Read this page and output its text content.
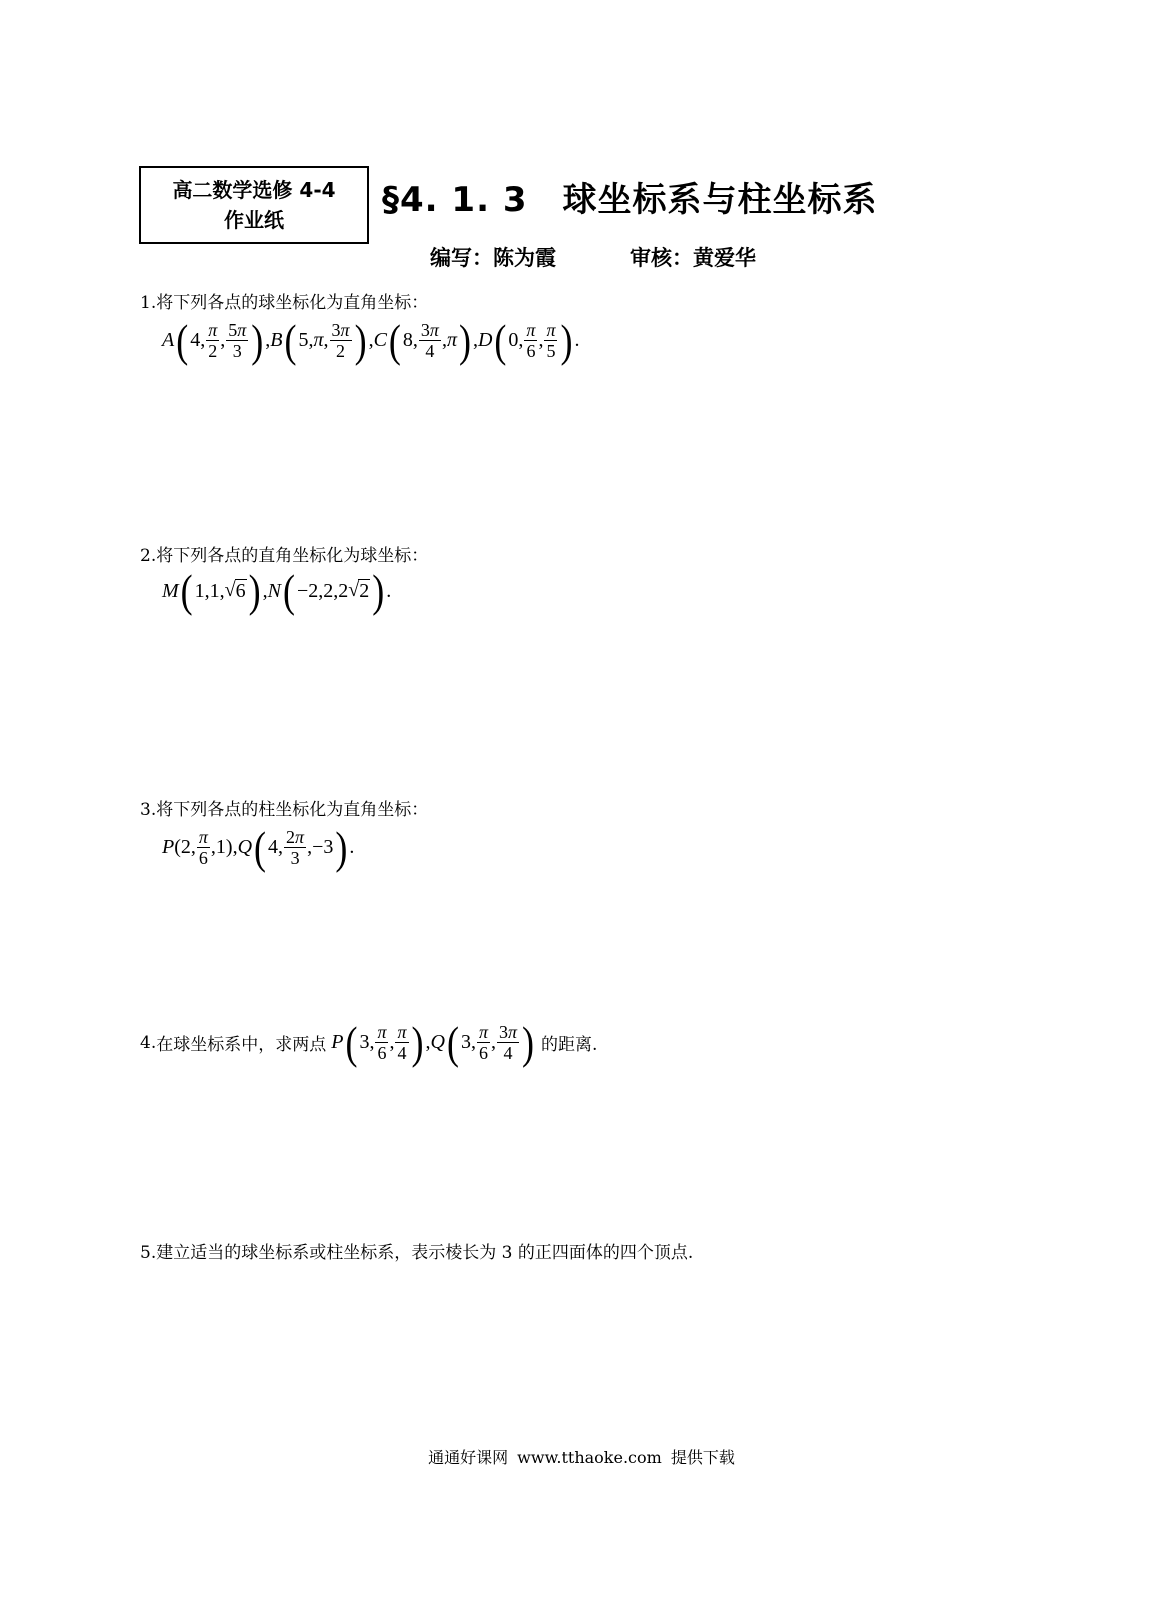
高二数学选修 4-4
作业纸	§4. 1. 3　球坐标系与柱坐标系
编写：陈为霞	审核：黄爱华
1.将下列各点的球坐标化为直角坐标：
A ( 4, $\frac{\pi}{2}$ , $\frac{5\pi}{3}$ ) , B ( 5, π , $\frac{3\pi}{2}$ ) , C ( 8, $\frac{3\pi}{4}$ , π ) , D ( 0, $\frac{\pi}{6}$ , $\frac{\pi}{5}$ ) .
2.将下列各点的直角坐标化为球坐标：
M ( 1,1, √ 6 ) , N ( −2,2,2 √ 2 ) .
3.将下列各点的柱坐标化为直角坐标：
P (2, $\frac{\pi}{6} ,1$), Q ( 4, $\frac{2\pi}{3} ,-3$ ) .
4. 在球坐标系中，求两点 P ( 3, $\frac{\pi}{6}$ , $\frac{\pi}{4}$ ) , Q ( 3, $\frac{\pi}{6}$ , $\frac{3\pi}{4}$ )
的距离.
5.建立适当的球坐标系或柱坐标系，表示棱长为 3 的正四面体的四个顶点.
通通好课网 www.tthaoke.com 提供下载
